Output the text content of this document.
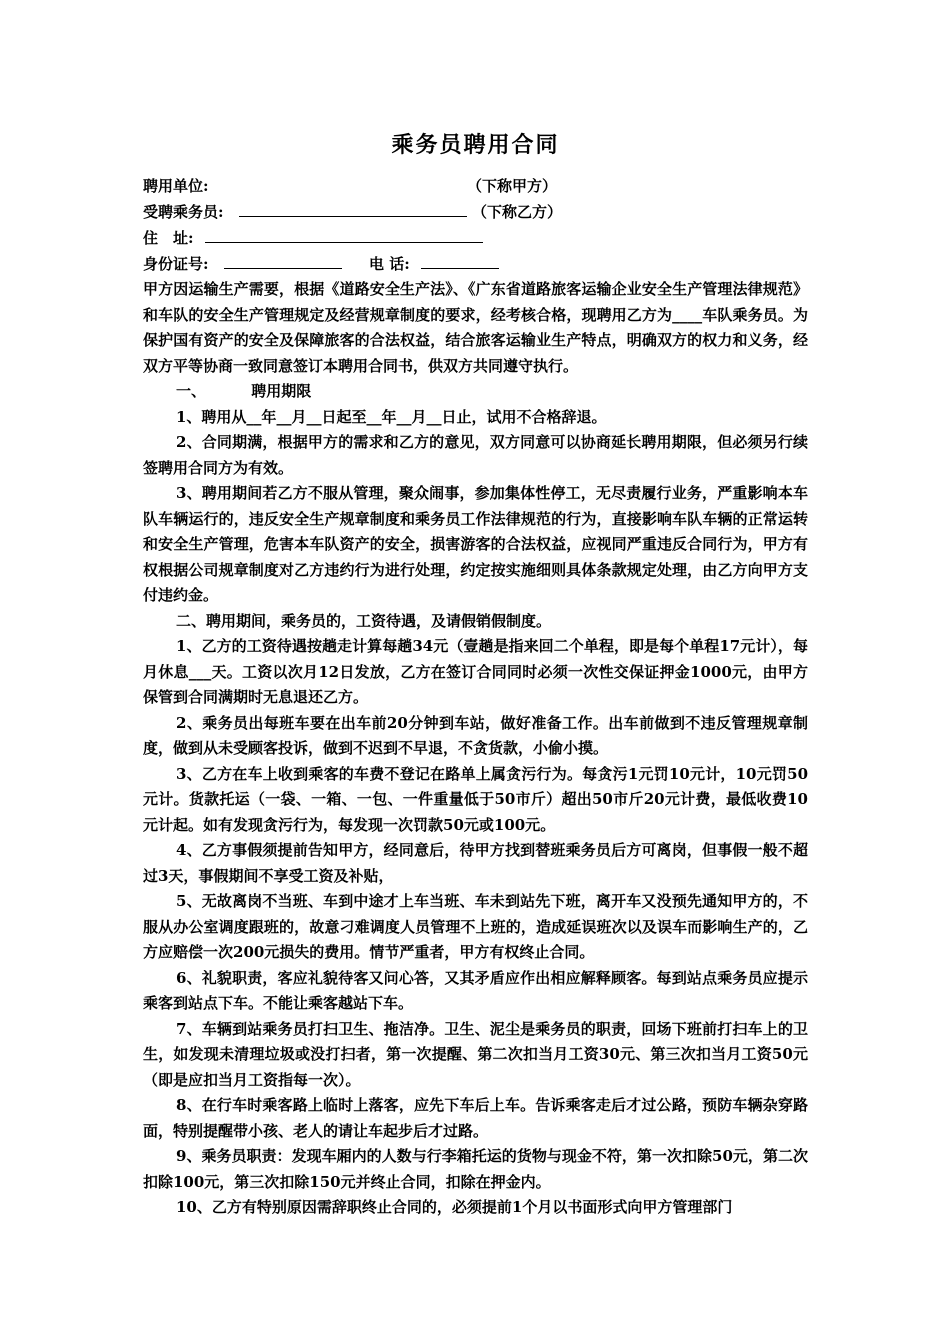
乘务员聘用合同
聘用单位:	（下称甲方）
受聘乘务员:	（下称乙方）
住　址:
身份证号:	电 话:

甲方因运输生产需要，根据《道路安全生产法》、《广东省道路旅客运输企业安全生产管理法律规范》和车队的安全生产管理规定及经营规章制度的要求，经考核合格，现聘用乙方为____车队乘务员。为保护国有资产的安全及保障旅客的合法权益，结合旅客运输业生产特点，明确双方的权力和义务，经双方平等协商一致同意签订本聘用合同书，供双方共同遵守执行。

一、	聘用期限

1、聘用从__年__月__日起至__年__月__日止，试用不合格辞退。

2、合同期满，根据甲方的需求和乙方的意见，双方同意可以协商延长聘用期限，但必须另行续签聘用合同方为有效。

3、聘用期间若乙方不服从管理，聚众闹事，参加集体性停工，无尽责履行业务，严重影响本车队车辆运行的，违反安全生产规章制度和乘务员工作法律规范的行为，直接影响车队车辆的正常运转和安全生产管理，危害本车队资产的安全，损害游客的合法权益，应视同严重违反合同行为，甲方有权根据公司规章制度对乙方违约行为进行处理，约定按实施细则具体条款规定处理，由乙方向甲方支付违约金。

二、聘用期间，乘务员的，工资待遇，及请假销假制度。

1、乙方的工资待遇按趟走计算每趟34元（壹趟是指来回二个单程，即是每个单程17元计），每月休息___天。工资以次月12日发放，乙方在签订合同同时必须一次性交保证押金1000元，由甲方保管到合同满期时无息退还乙方。

2、乘务员出每班车要在出车前20分钟到车站，做好准备工作。出车前做到不违反管理规章制度，做到从未受顾客投诉，做到不迟到不早退，不贪货款，小偷小摸。

3、乙方在车上收到乘客的车费不登记在路单上属贪污行为。每贪污1元罚10元计，10元罚50元计。货款托运（一袋、一箱、一包、一件重量低于50市斤）超出50市斤20元计费，最低收费10元计起。如有发现贪污行为，每发现一次罚款50元或100元。

4、乙方事假须提前告知甲方，经同意后，待甲方找到替班乘务员后方可离岗，但事假一般不超过3天，事假期间不享受工资及补贴，

5、无故离岗不当班、车到中途才上车当班、车未到站先下班，离开车又没预先通知甲方的，不服从办公室调度跟班的，故意刁难调度人员管理不上班的，造成延误班次以及误车而影响生产的，乙方应赔偿一次200元损失的费用。情节严重者，甲方有权终止合同。

6、礼貌职责，客应礼貌待客又问心答，又其矛盾应作出相应解释顾客。每到站点乘务员应提示乘客到站点下车。不能让乘客越站下车。

7、车辆到站乘务员打扫卫生、拖洁净。卫生、泥尘是乘务员的职责，回场下班前打扫车上的卫生，如发现未清理垃圾或没打扫者，第一次提醒、第二次扣当月工资30元、第三次扣当月工资50元（即是应扣当月工资指每一次）。

8、在行车时乘客路上临时上落客，应先下车后上车。告诉乘客走后才过公路，预防车辆杂穿路面，特别提醒带小孩、老人的请让车起步后才过路。

9、乘务员职责：发现车厢内的人数与行李箱托运的货物与现金不符，第一次扣除50元，第二次扣除100元，第三次扣除150元并终止合同，扣除在押金内。

10、乙方有特别原因需辞职终止合同的，必须提前1个月以书面形式向甲方管理部门
